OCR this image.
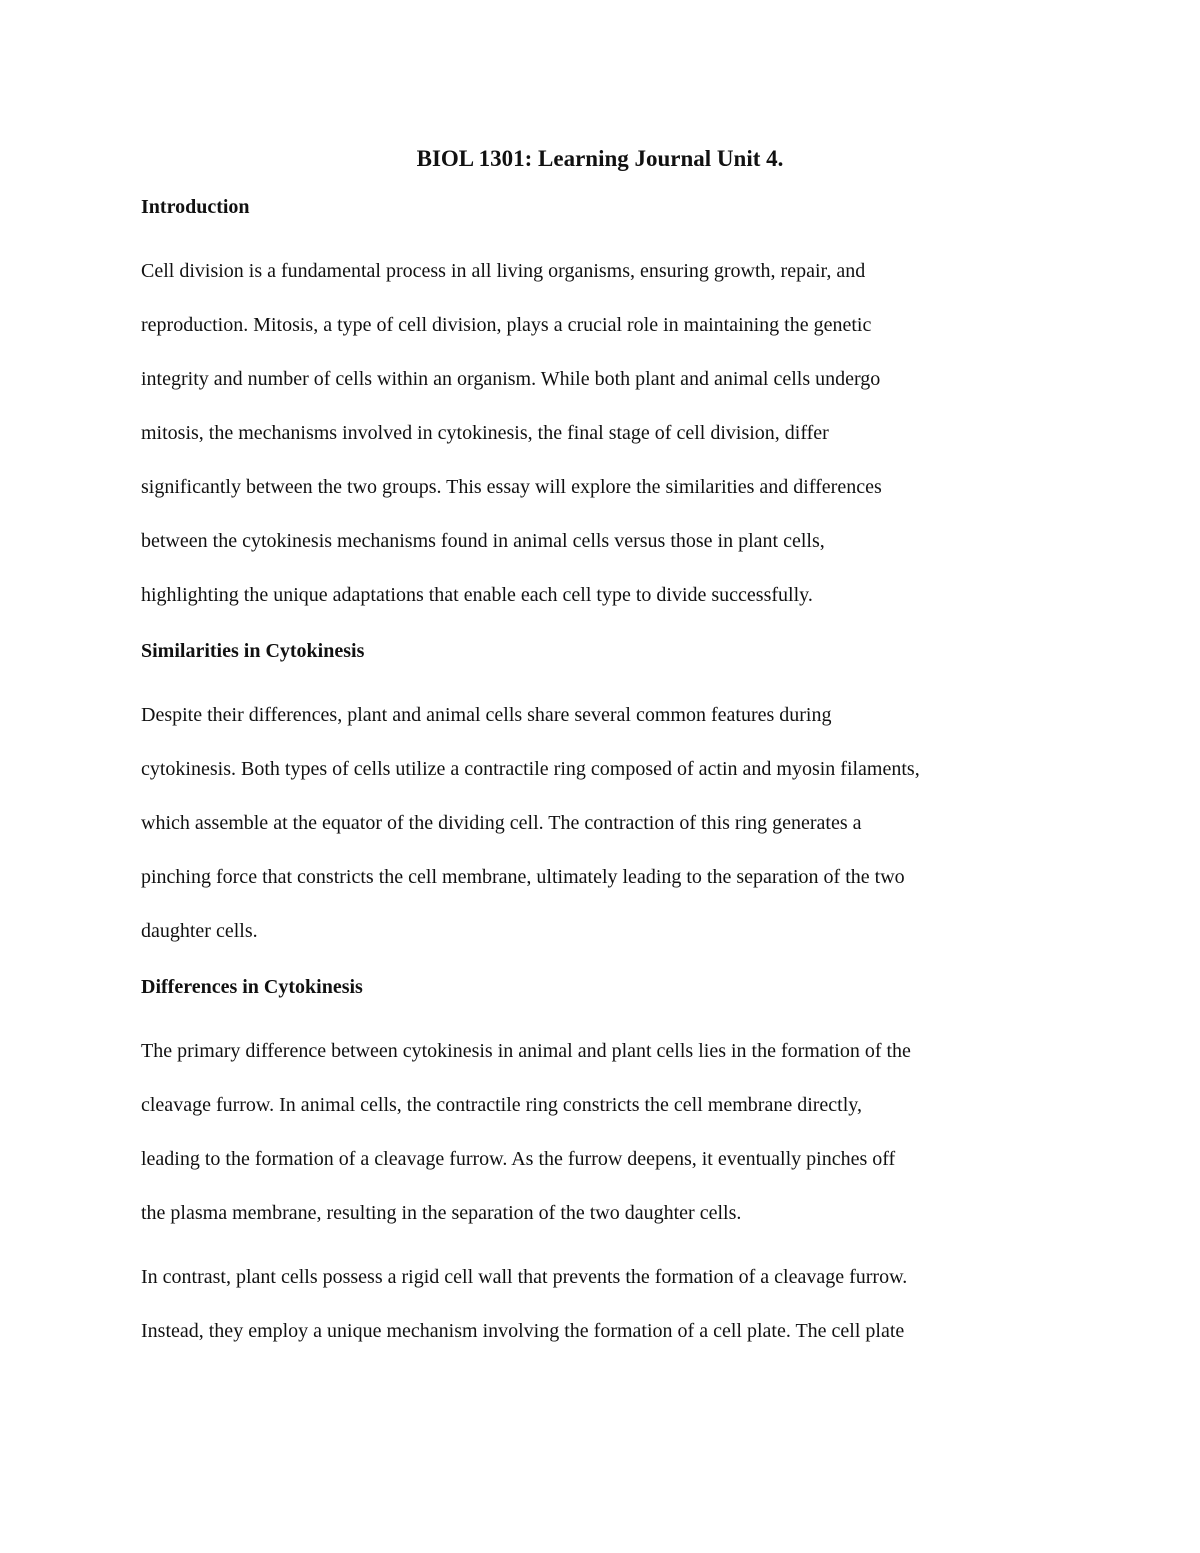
BIOL 1301: Learning Journal Unit 4.
Introduction

Cell division is a fundamental process in all living organisms, ensuring growth, repair, and
reproduction. Mitosis, a type of cell division, plays a crucial role in maintaining the genetic
integrity and number of cells within an organism. While both plant and animal cells undergo
mitosis, the mechanisms involved in cytokinesis, the final stage of cell division, differ
significantly between the two groups. This essay will explore the similarities and differences
between the cytokinesis mechanisms found in animal cells versus those in plant cells,
highlighting the unique adaptations that enable each cell type to divide successfully.

Similarities in Cytokinesis

Despite their differences, plant and animal cells share several common features during
cytokinesis. Both types of cells utilize a contractile ring composed of actin and myosin filaments,
which assemble at the equator of the dividing cell. The contraction of this ring generates a
pinching force that constricts the cell membrane, ultimately leading to the separation of the two
daughter cells.

Differences in Cytokinesis

The primary difference between cytokinesis in animal and plant cells lies in the formation of the
cleavage furrow. In animal cells, the contractile ring constricts the cell membrane directly,
leading to the formation of a cleavage furrow. As the furrow deepens, it eventually pinches off
the plasma membrane, resulting in the separation of the two daughter cells.

In contrast, plant cells possess a rigid cell wall that prevents the formation of a cleavage furrow.
Instead, they employ a unique mechanism involving the formation of a cell plate. The cell plate
